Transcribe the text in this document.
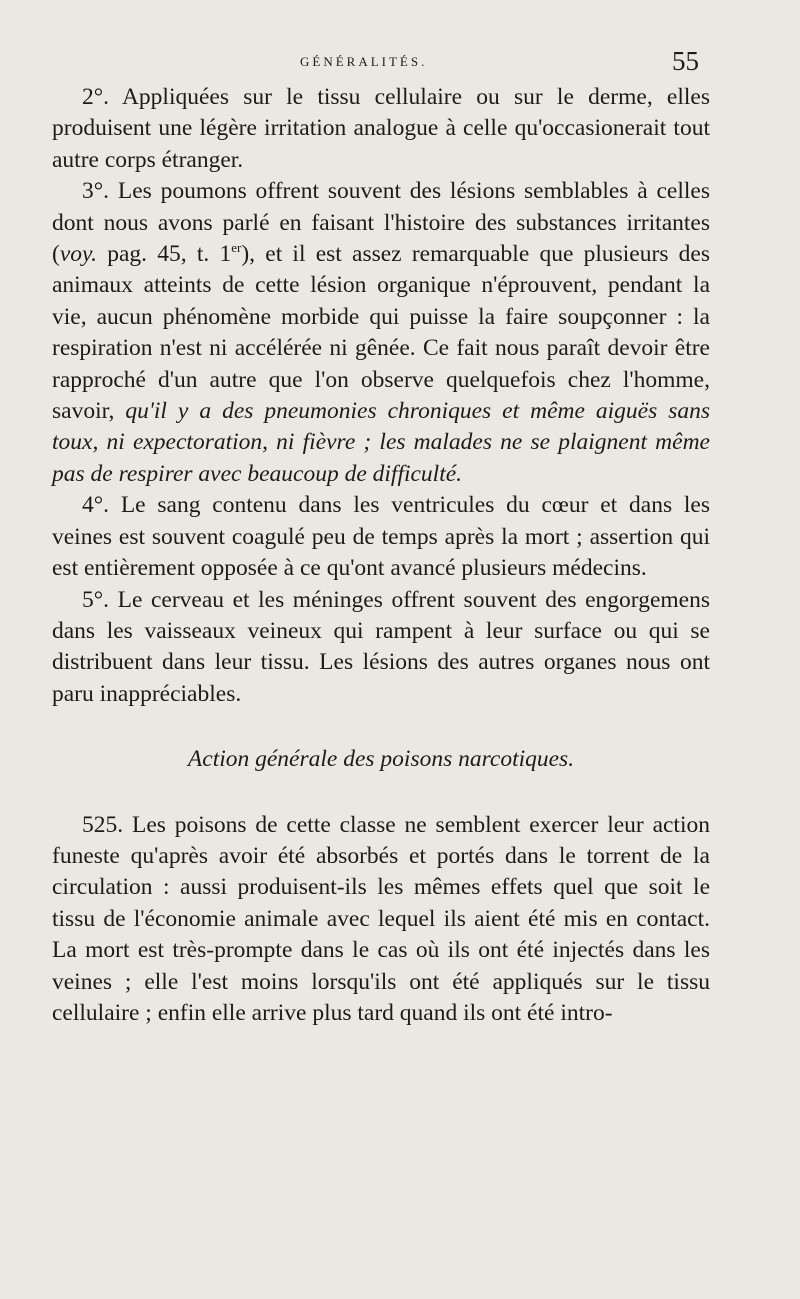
GÉNÉRALITÉS.	55

2°. Appliquées sur le tissu cellulaire ou sur le derme, elles produisent une légère irritation analogue à celle qu'occasionerait tout autre corps étranger.

3°. Les poumons offrent souvent des lésions semblables à celles dont nous avons parlé en faisant l'histoire des substances irritantes (voy. pag. 45, t. 1er), et il est assez remarquable que plusieurs des animaux atteints de cette lésion organique n'éprouvent, pendant la vie, aucun phénomène morbide qui puisse la faire soupçonner : la respiration n'est ni accélérée ni gênée. Ce fait nous paraît devoir être rapproché d'un autre que l'on observe quelquefois chez l'homme, savoir, qu'il y a des pneumonies chroniques et même aiguës sans toux, ni expectoration, ni fièvre ; les malades ne se plaignent même pas de respirer avec beaucoup de difficulté.

4°. Le sang contenu dans les ventricules du cœur et dans les veines est souvent coagulé peu de temps après la mort ; assertion qui est entièrement opposée à ce qu'ont avancé plusieurs médecins.

5°. Le cerveau et les méninges offrent souvent des engorgemens dans les vaisseaux veineux qui rampent à leur surface ou qui se distribuent dans leur tissu. Les lésions des autres organes nous ont paru inappréciables.

Action générale des poisons narcotiques.

525. Les poisons de cette classe ne semblent exercer leur action funeste qu'après avoir été absorbés et portés dans le torrent de la circulation : aussi produisent-ils les mêmes effets quel que soit le tissu de l'économie animale avec lequel ils aient été mis en contact. La mort est très-prompte dans le cas où ils ont été injectés dans les veines ; elle l'est moins lorsqu'ils ont été appliqués sur le tissu cellulaire ; enfin elle arrive plus tard quand ils ont été intro-
